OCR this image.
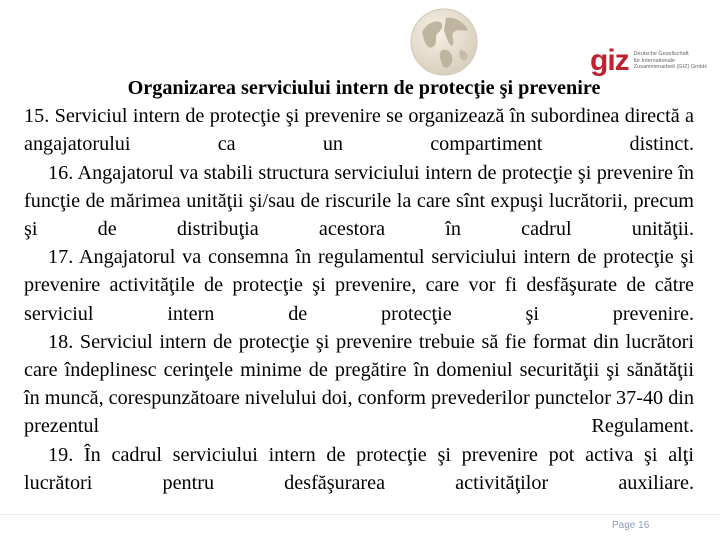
giz Deutsche Gesellschaft
für Internationale
Zusammenarbeit (GIZ) GmbH

Organizarea serviciului intern de protecţie şi prevenire

15. Serviciul intern de protecţie şi prevenire se organizează în subordinea directă a angajatorului ca un compartiment distinct.

16. Angajatorul va stabili structura serviciului intern de protecţie şi prevenire în funcţie de mărimea unităţii şi/sau de riscurile la care sînt expuşi lucrătorii, precum şi de distribuţia acestora în cadrul unităţii.

17. Angajatorul va consemna în regulamentul serviciului intern de protecţie şi prevenire activităţile de protecţie şi prevenire, care vor fi desfăşurate de către serviciul intern de protecţie şi prevenire.

18. Serviciul intern de protecţie şi prevenire trebuie să fie format din lucrători care îndeplinesc cerinţele minime de pregătire în domeniul securităţii şi sănătăţii în muncă, corespunzătoare nivelului doi, conform prevederilor punctelor 37-40 din prezentul Regulament.

19. În cadrul serviciului intern de protecţie şi prevenire pot activa şi alţi lucrători pentru desfăşurarea activităţilor auxiliare.

Page 16
